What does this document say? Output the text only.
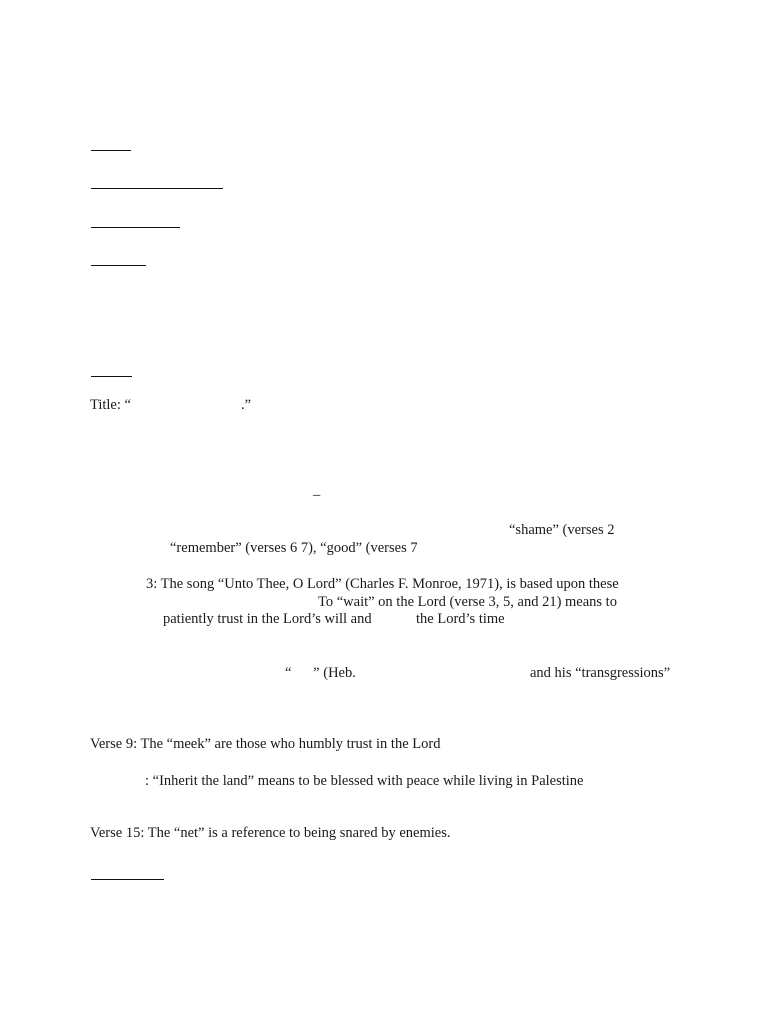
Title: “	.”
–
“shame” (verses 2
“remember” (verses 6 7), “good” (verses 7
3: The song “Unto Thee, O Lord” (Charles F. Monroe, 1971), is based upon these
To “wait” on the Lord (verse 3, 5, and 21) means to
patiently trust in the Lord’s will and	the Lord’s time
“      ” (Heb.	and his “transgressions”
Verse 9: The “meek” are those who humbly trust in the Lord
: “Inherit the land” means to be blessed with peace while living in Palestine
Verse 15: The “net” is a reference to being snared by enemies.
